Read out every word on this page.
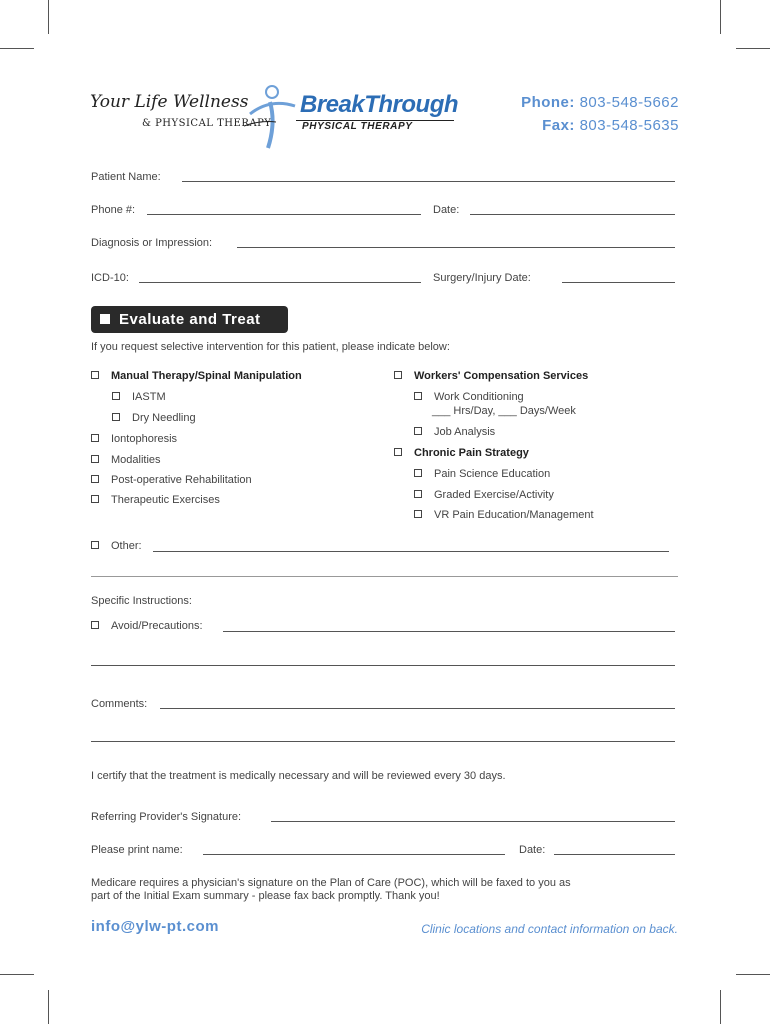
Your Life Wellness
& PHYSICAL THERAPY
BreakThrough
PHYSICAL THERAPY
Phone: 803-548-5662
Fax: 803-548-5635
Patient Name:
Phone #:	Date:
Diagnosis or Impression:
ICD-10:	Surgery/Injury Date:
Evaluate and Treat
If you request selective intervention for this patient, please indicate below:
Manual Therapy/Spinal Manipulation
IASTM
Dry Needling
Iontophoresis
Modalities
Post-operative Rehabilitation
Therapeutic Exercises
Workers' Compensation Services
Work Conditioning
___ Hrs/Day, ___ Days/Week
Job Analysis
Chronic Pain Strategy
Pain Science Education
Graded Exercise/Activity
VR Pain Education/Management
Other:
Specific Instructions:
Avoid/Precautions:
Comments:
I certify that the treatment is medically necessary and will be reviewed every 30 days.
Referring Provider's Signature:
Please print name:	Date:
Medicare requires a physician's signature on the Plan of Care (POC), which will be faxed to you as
part of the Initial Exam summary - please fax back promptly. Thank you!
info@ylw-pt.com	Clinic locations and contact information on back.
